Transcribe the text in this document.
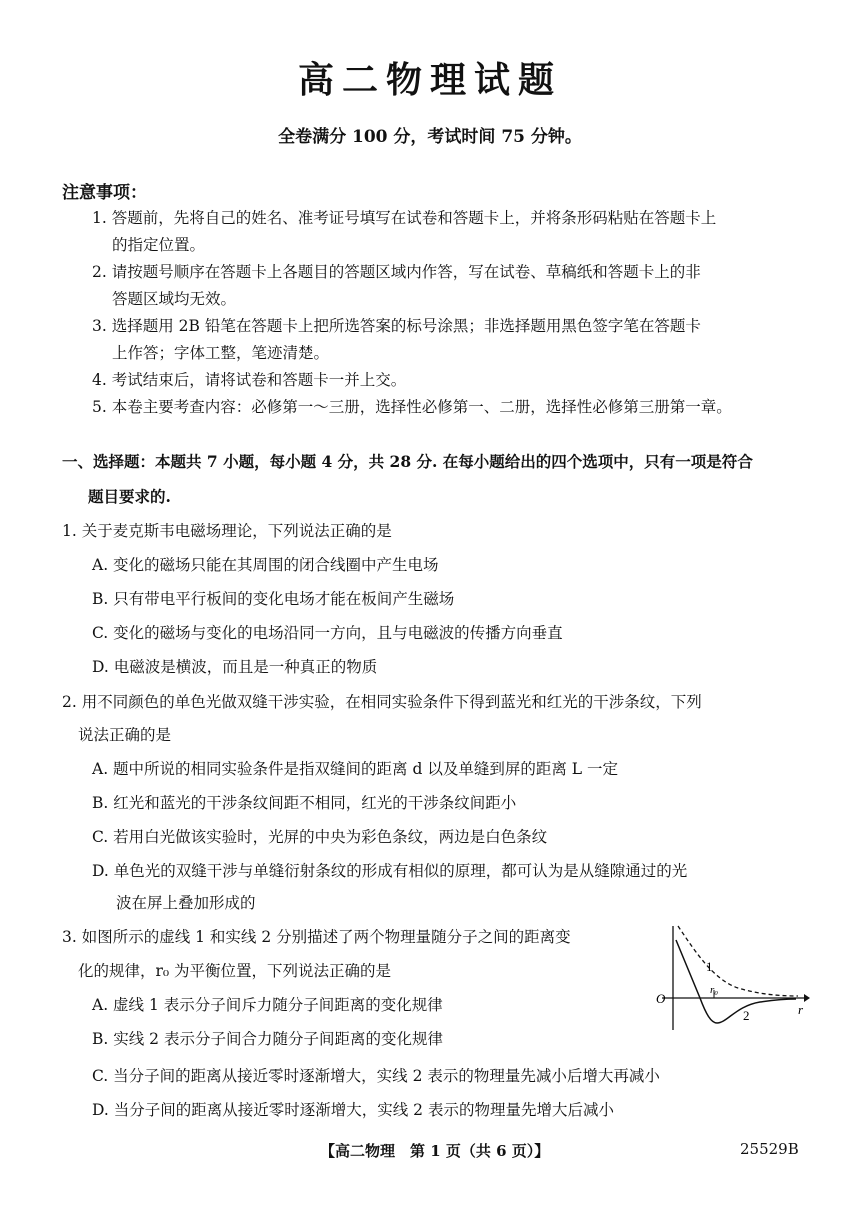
高二物理试题
全卷满分 100 分，考试时间 75 分钟。
注意事项：
1. 答题前，先将自己的姓名、准考证号填写在试卷和答题卡上，并将条形码粘贴在答题卡上
的指定位置。
2. 请按题号顺序在答题卡上各题目的答题区域内作答，写在试卷、草稿纸和答题卡上的非
答题区域均无效。
3. 选择题用 2B 铅笔在答题卡上把所选答案的标号涂黑；非选择题用黑色签字笔在答题卡
上作答；字体工整，笔迹清楚。
4. 考试结束后，请将试卷和答题卡一并上交。
5. 本卷主要考查内容：必修第一～三册，选择性必修第一、二册，选择性必修第三册第一章。
一、选择题：本题共 7 小题，每小题 4 分，共 28 分. 在每小题给出的四个选项中，只有一项是符合
题目要求的.
1. 关于麦克斯韦电磁场理论，下列说法正确的是
A. 变化的磁场只能在其周围的闭合线圈中产生电场
B. 只有带电平行板间的变化电场才能在板间产生磁场
C. 变化的磁场与变化的电场沿同一方向，且与电磁波的传播方向垂直
D. 电磁波是横波，而且是一种真正的物质
2. 用不同颜色的单色光做双缝干涉实验，在相同实验条件下得到蓝光和红光的干涉条纹，下列
说法正确的是
A. 题中所说的相同实验条件是指双缝间的距离 d 以及单缝到屏的距离 L 一定
B. 红光和蓝光的干涉条纹间距不相同，红光的干涉条纹间距小
C. 若用白光做该实验时，光屏的中央为彩色条纹，两边是白色条纹
D. 单色光的双缝干涉与单缝衍射条纹的形成有相似的原理，都可认为是从缝隙通过的光
波在屏上叠加形成的
3. 如图所示的虚线 1 和实线 2 分别描述了两个物理量随分子之间的距离变
化的规律，r₀ 为平衡位置，下列说法正确的是
A. 虚线 1 表示分子间斥力随分子间距离的变化规律
B. 实线 2 表示分子间合力随分子间距离的变化规律
C. 当分子间的距离从接近零时逐渐增大，实线 2 表示的物理量先减小后增大再减小
D. 当分子间的距离从接近零时逐渐增大，实线 2 表示的物理量先增大后减小
O
r
r₀
1
2
【高二物理　第 1 页（共 6 页）】	25529B
